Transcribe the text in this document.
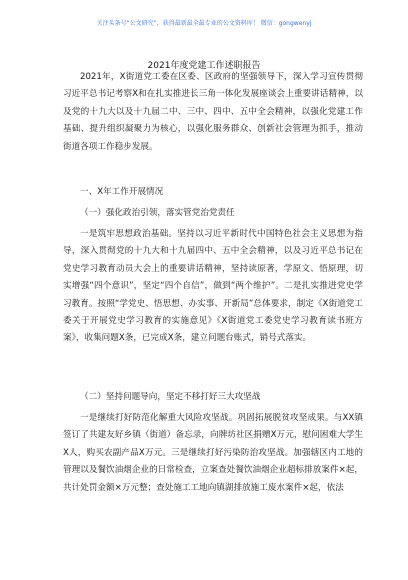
关注头条号“公文研究”，获得最新最全最专业的公文资料库！ 微信：gongwenyj
2021年度党建工作述职报告

2021年，X街道党工委在区委、区政府的坚强领导下，深入学习宣传贯彻习近平总书记考察X和在扎实推进长三角一体化发展座谈会上重要讲话精神，以及党的十九大以及十九届二中、三中、四中、五中全会精神，以强化党建工作基础、提升组织凝聚力为核心，以强化服务群众、创新社会管理为抓手，推动街道各项工作稳步发展。

一、X年工作开展情况

（一）强化政治引领，落实管党治党责任

一是筑牢思想政治基础。坚持以习近平新时代中国特色社会主义思想为指导，深入贯彻党的十九大和十九届四中、五中全会精神，以及习近平总书记在党史学习教育动员大会上的重要讲话精神，坚持读原著，学原文、悟原理，切实增强“四个意识”，坚定“四个自信”，做到“两个维护”。二是扎实推进党史学习教育。按照“学党史、悟思想、办实事、开新局”总体要求，制定《X街道党工委关于开展党史学习教育的实施意见》《X街道党工委党史学习教育读书班方案》，收集问题X条，已完成X条，建立问题台账式，销号式落实。

（二）坚持问题导向，坚定不移打好三大攻坚战

一是继续打好防范化解重大风险攻坚战。巩固拓展脱贫攻坚成果。与XX镇签订了共建友好乡镇（街道）备忘录，向牌坊社区捐赠X万元，慰问困难大学生X人，购买农副产品X万元。三是继续打好污染防治攻坚战。加强辖区内工地的管理以及餐饮油烟企业的日常检查，立案查处餐饮油烟企业超标排放案件×起，共计处罚金额×万元整；查处施工工地向镇湖排放施工废水案件×起，依法
